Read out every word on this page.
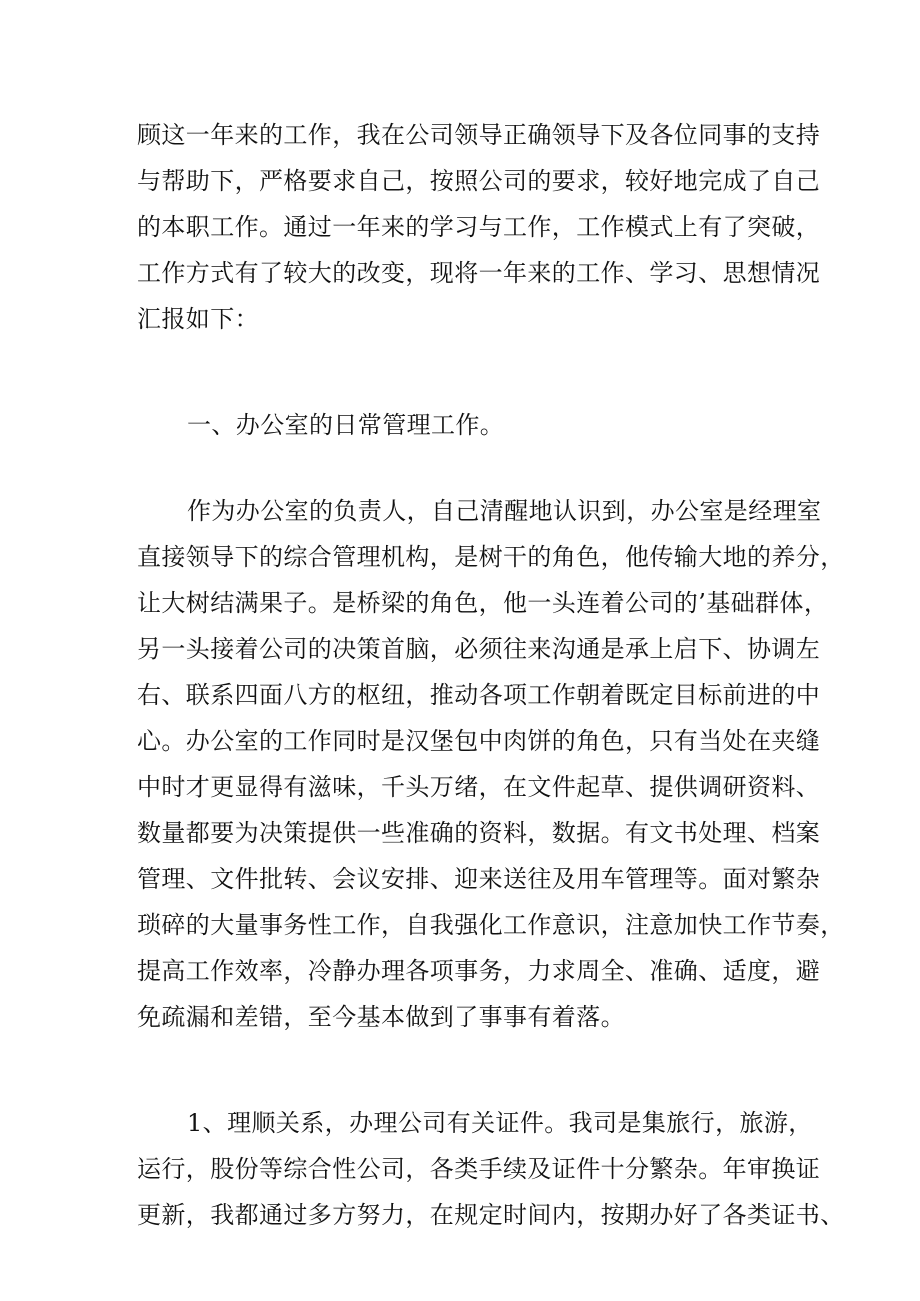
顾这一年来的工作，我在公司领导正确领导下及各位同事的支持
与帮助下，严格要求自己，按照公司的要求，较好地完成了自己
的本职工作。通过一年来的学习与工作，工作模式上有了突破，
工作方式有了较大的改变，现将一年来的工作、学习、思想情况
汇报如下：
一、办公室的日常管理工作。
作为办公室的负责人，自己清醒地认识到，办公室是经理室
直接领导下的综合管理机构，是树干的角色，他传输大地的养分，
让大树结满果子。是桥梁的角色，他一头连着公司的’基础群体，
另一头接着公司的决策首脑，必须往来沟通是承上启下、协调左
右、联系四面八方的枢纽，推动各项工作朝着既定目标前进的中
心。办公室的工作同时是汉堡包中肉饼的角色，只有当处在夹缝
中时才更显得有滋味，千头万绪，在文件起草、提供调研资料、
数量都要为决策提供一些准确的资料，数据。有文书处理、档案
管理、文件批转、会议安排、迎来送往及用车管理等。面对繁杂
琐碎的大量事务性工作，自我强化工作意识，注意加快工作节奏，
提高工作效率，冷静办理各项事务，力求周全、准确、适度，避
免疏漏和差错，至今基本做到了事事有着落。
1、理顺关系，办理公司有关证件。我司是集旅行，旅游，
运行，股份等综合性公司，各类手续及证件十分繁杂。年审换证
更新，我都通过多方努力，在规定时间内，按期办好了各类证书、
